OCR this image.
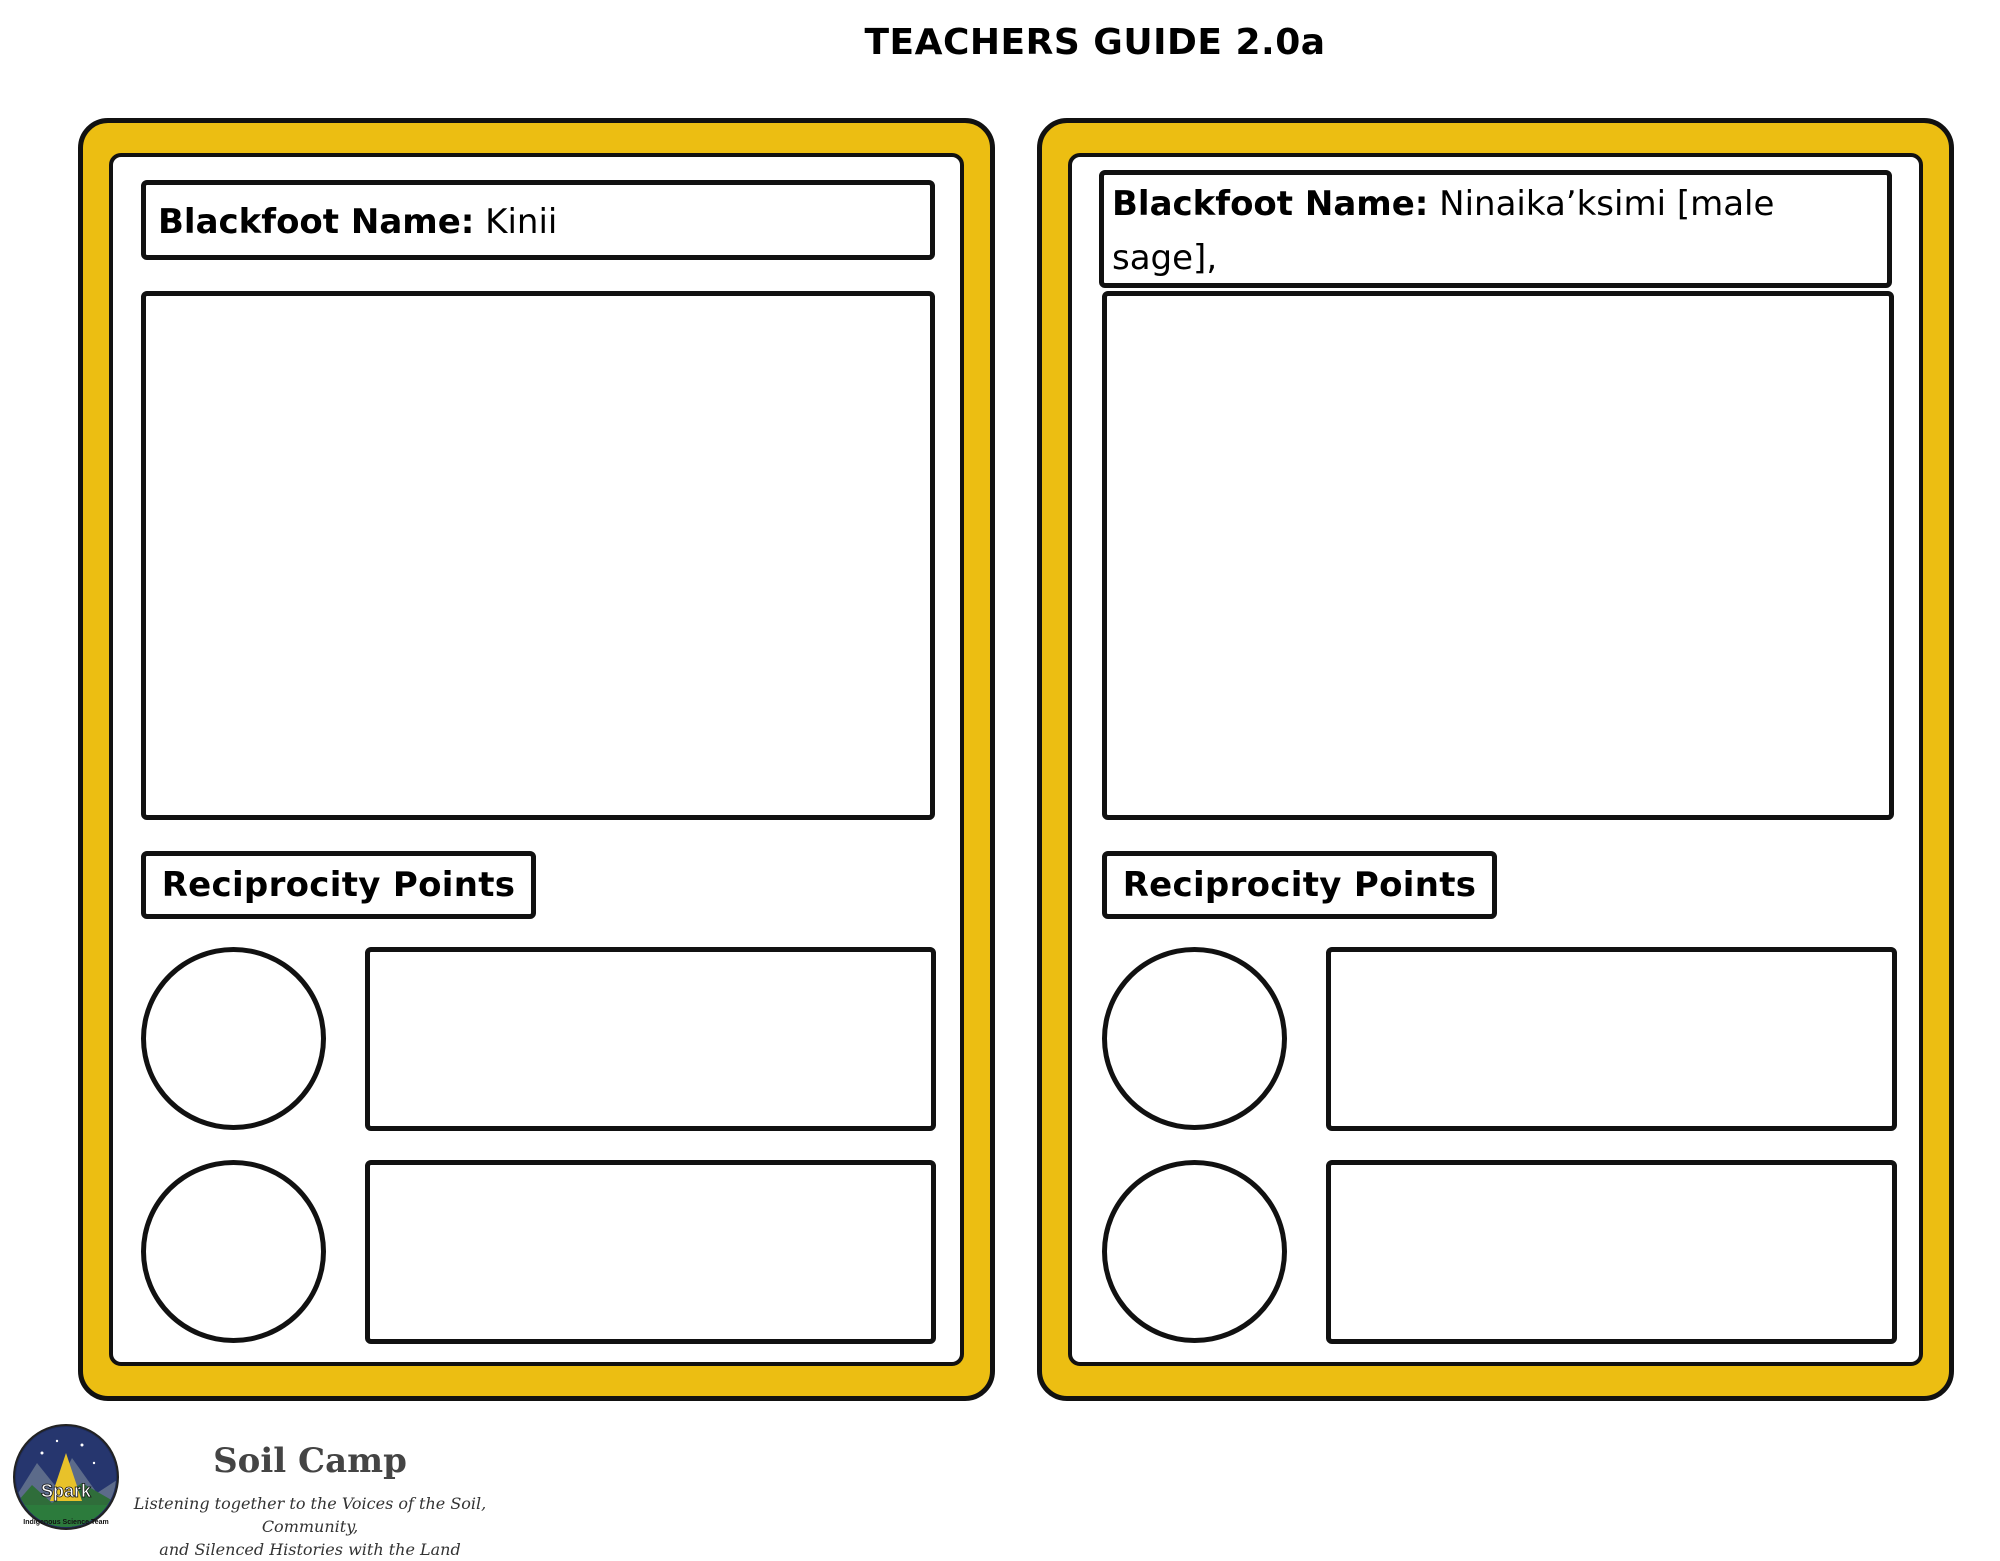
TEACHERS GUIDE 2.0a
Blackfoot Name: Kinii
Reciprocity Points
Blackfoot Name: Ninaika’ksimi [male sage],
Reciprocity Points
Spark
Indigenous Science Team
Soil Camp
Listening together to the Voices of the Soil, Community,
and Silenced Histories with the Land
